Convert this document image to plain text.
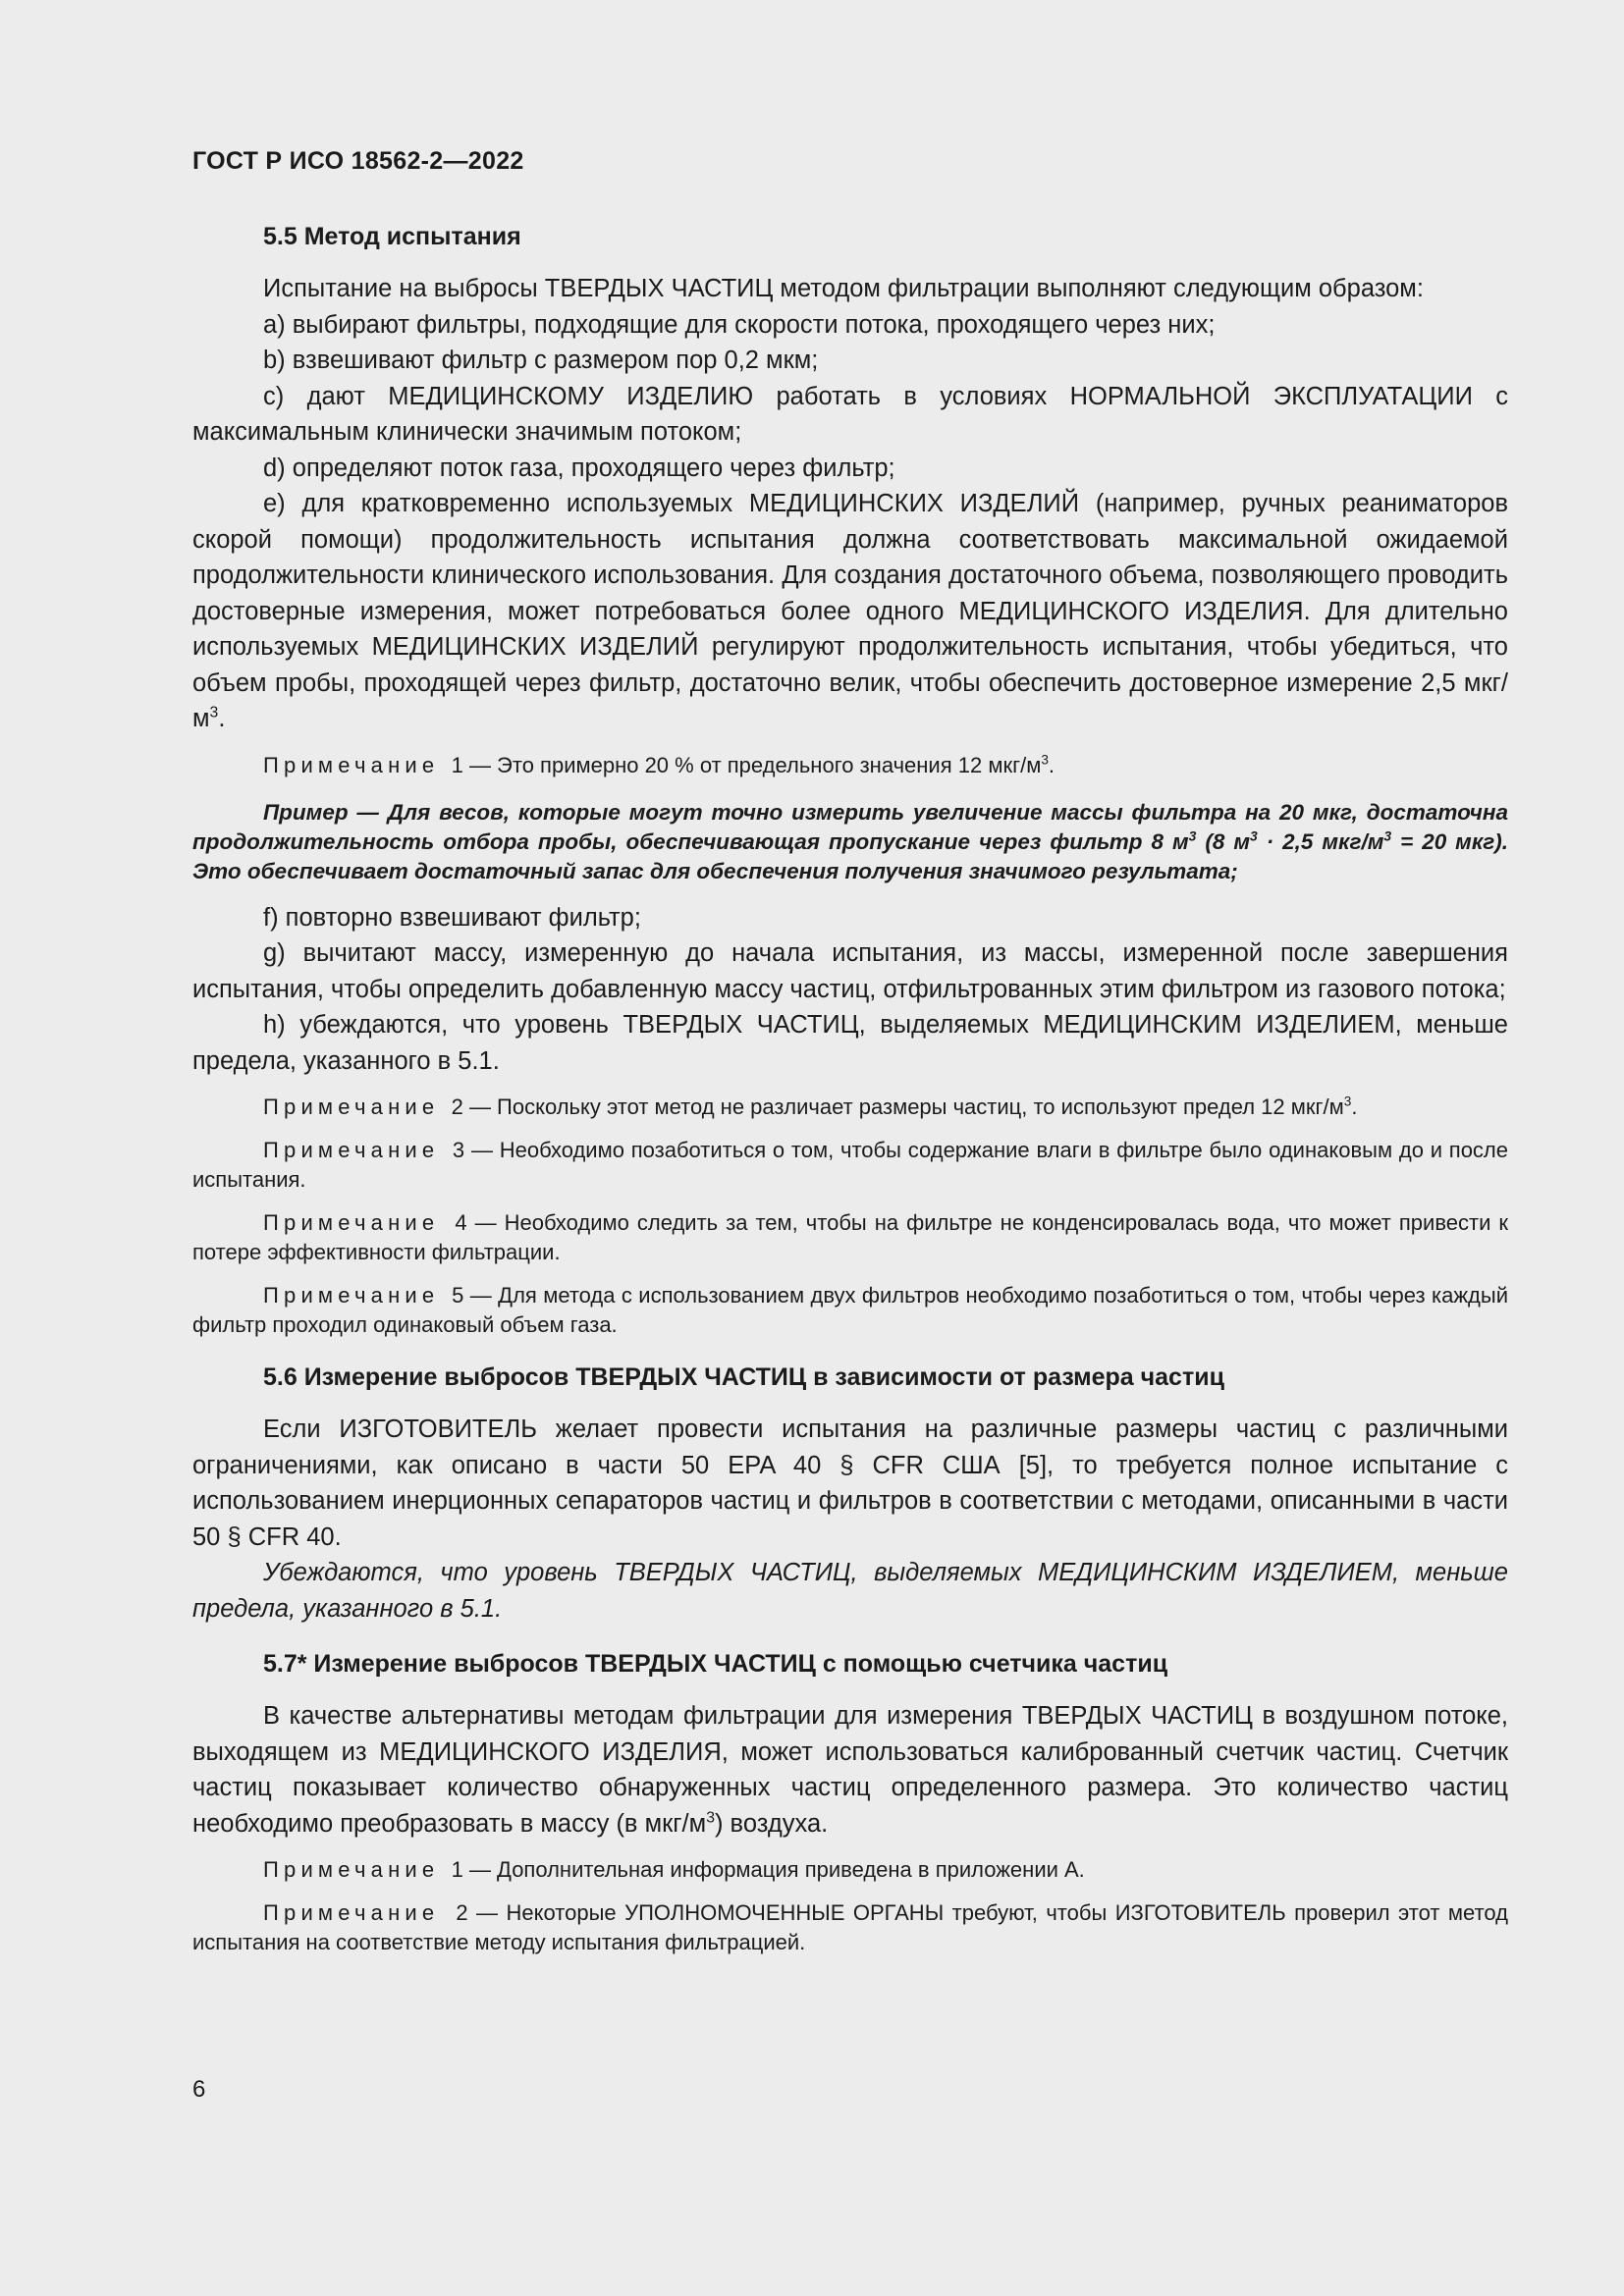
ГОСТ Р ИСО 18562-2—2022
5.5 Метод испытания

Испытание на выбросы ТВЕРДЫХ ЧАСТИЦ методом фильтрации выполняют следующим образом:

a) выбирают фильтры, подходящие для скорости потока, проходящего через них;

b) взвешивают фильтр с размером пор 0,2 мкм;

c) дают МЕДИЦИНСКОМУ ИЗДЕЛИЮ работать в условиях НОРМАЛЬНОЙ ЭКСПЛУАТАЦИИ с максимальным клинически значимым потоком;

d) определяют поток газа, проходящего через фильтр;

e) для кратковременно используемых МЕДИЦИНСКИХ ИЗДЕЛИЙ (например, ручных реаниматоров скорой помощи) продолжительность испытания должна соответствовать максимальной ожидаемой продолжительности клинического использования. Для создания достаточного объема, позволяющего проводить достоверные измерения, может потребоваться более одного МЕДИЦИНСКОГО ИЗДЕЛИЯ. Для длительно используемых МЕДИЦИНСКИХ ИЗДЕЛИЙ регулируют продолжительность испытания, чтобы убедиться, что объем пробы, проходящей через фильтр, достаточно велик, чтобы обеспечить достоверное измерение 2,5 мкг/$м^3$.

Примечание 1 — Это примерно 20 % от предельного значения 12 мкг/$м^3$.
Пример — Для весов, которые могут точно измерить увеличение массы фильтра на 20 мкг, достаточна продолжительность отбора пробы, обеспечивающая пропускание через фильтр 8 $м^3$ (8 $м^3 \cdot 2,5$ мкг/$м^3 = 20$ мкг). Это обеспечивает достаточный запас для обеспечения получения значимого результата;

f) повторно взвешивают фильтр;

g) вычитают массу, измеренную до начала испытания, из массы, измеренной после завершения испытания, чтобы определить добавленную массу частиц, отфильтрованных этим фильтром из газового потока;

h) убеждаются, что уровень ТВЕРДЫХ ЧАСТИЦ, выделяемых МЕДИЦИНСКИМ ИЗДЕЛИЕМ, меньше предела, указанного в 5.1.

Примечание 2 — Поскольку этот метод не различает размеры частиц, то используют предел 12 мкг/$м^3$.
Примечание 3 — Необходимо позаботиться о том, чтобы содержание влаги в фильтре было одинаковым до и после испытания.
Примечание 4 — Необходимо следить за тем, чтобы на фильтре не конденсировалась вода, что может привести к потере эффективности фильтрации.
Примечание 5 — Для метода с использованием двух фильтров необходимо позаботиться о том, чтобы через каждый фильтр проходил одинаковый объем газа.
5.6 Измерение выбросов ТВЕРДЫХ ЧАСТИЦ в зависимости от размера частиц

Если ИЗГОТОВИТЕЛЬ желает провести испытания на различные размеры частиц с различными ограничениями, как описано в части 50 EPA 40 § CFR США [5], то требуется полное испытание с использованием инерционных сепараторов частиц и фильтров в соответствии с методами, описанными в части 50 § CFR 40.

Убеждаются, что уровень ТВЕРДЫХ ЧАСТИЦ, выделяемых МЕДИЦИНСКИМ ИЗДЕЛИЕМ, меньше предела, указанного в 5.1.

5.7* Измерение выбросов ТВЕРДЫХ ЧАСТИЦ с помощью счетчика частиц

В качестве альтернативы методам фильтрации для измерения ТВЕРДЫХ ЧАСТИЦ в воздушном потоке, выходящем из МЕДИЦИНСКОГО ИЗДЕЛИЯ, может использоваться калиброванный счетчик частиц. Счетчик частиц показывает количество обнаруженных частиц определенного размера. Это количество частиц необходимо преобразовать в массу (в мкг/$м^3$) воздуха.

Примечание 1 — Дополнительная информация приведена в приложении А.
Примечание 2 — Некоторые УПОЛНОМОЧЕННЫЕ ОРГАНЫ требуют, чтобы ИЗГОТОВИТЕЛЬ проверил этот метод испытания на соответствие методу испытания фильтрацией.
6
